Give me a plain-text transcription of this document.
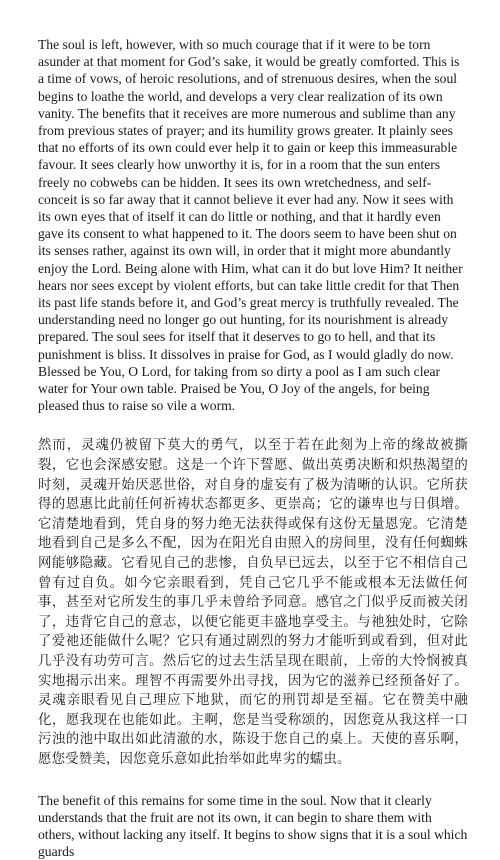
The soul is left, however, with so much courage that if it were to be torn asunder at that moment for God’s sake, it would be greatly comforted. This is a time of vows, of heroic resolutions, and of strenuous desires, when the soul begins to loathe the world, and develops a very clear realization of its own vanity. The benefits that it receives are more numerous and sublime than any from previous states of prayer; and its humility grows greater. It plainly sees that no efforts of its own could ever help it to gain or keep this immeasurable favour. It sees clearly how unworthy it is, for in a room that the sun enters freely no cobwebs can be hidden. It sees its own wretchedness, and self-conceit is so far away that it cannot believe it ever had any. Now it sees with its own eyes that of itself it can do little or nothing, and that it hardly even gave its consent to what happened to it. The doors seem to have been shut on its senses rather, against its own will, in order that it might more abundantly enjoy the Lord. Being alone with Him, what can it do but love Him? It neither hears nor sees except by violent efforts, but can take little credit for that Then its past life stands before it, and God’s great mercy is truthfully revealed. The understanding need no longer go out hunting, for its nourishment is already prepared. The soul sees for itself that it deserves to go to hell, and that its punishment is bliss. It dissolves in praise for God, as I would gladly do now. Blessed be You, O Lord, for taking from so dirty a pool as I am such clear water for Your own table. Praised be You, O Joy of the angels, for being pleased thus to raise so vile a worm.

然而，灵魂仍被留下莫大的勇气，以至于若在此刻为上帝的缘故被撕裂，它也会深感安慰。这是一个许下誓愿、做出英勇决断和炽热渴望的时刻，灵魂开始厌恶世俗，对自身的虚妄有了极为清晰的认识。它所获得的恩惠比此前任何祈祷状态都更多、更崇高；它的谦卑也与日俱增。它清楚地看到，凭自身的努力绝无法获得或保有这份无量恩宠。它清楚地看到自己是多么不配，因为在阳光自由照入的房间里，没有任何蜘蛛网能够隐藏。它看见自己的悲惨，自负早已远去，以至于它不相信自己曾有过自负。如今它亲眼看到，凭自己它几乎不能或根本无法做任何事，甚至对它所发生的事几乎未曾给予同意。感官之门似乎反而被关闭了，违背它自己的意志，以便它能更丰盛地享受主。与祂独处时，它除了爱祂还能做什么呢？它只有通过剧烈的努力才能听到或看到，但对此几乎没有功劳可言。然后它的过去生活呈现在眼前，上帝的大怜悯被真实地揭示出来。理智不再需要外出寻找，因为它的滋养已经预备好了。灵魂亲眼看见自己理应下地狱，而它的刑罚却是至福。它在赞美中融化，愿我现在也能如此。主啊，您是当受称颂的，因您竟从我这样一口污浊的池中取出如此清澈的水，陈设于您自己的桌上。天使的喜乐啊，愿您受赞美，因您竟乐意如此抬举如此卑劣的蠕虫。

The benefit of this remains for some time in the soul. Now that it clearly understands that the fruit are not its own, it can begin to share them with others, without lacking any itself. It begins to show signs that it is a soul which guards
